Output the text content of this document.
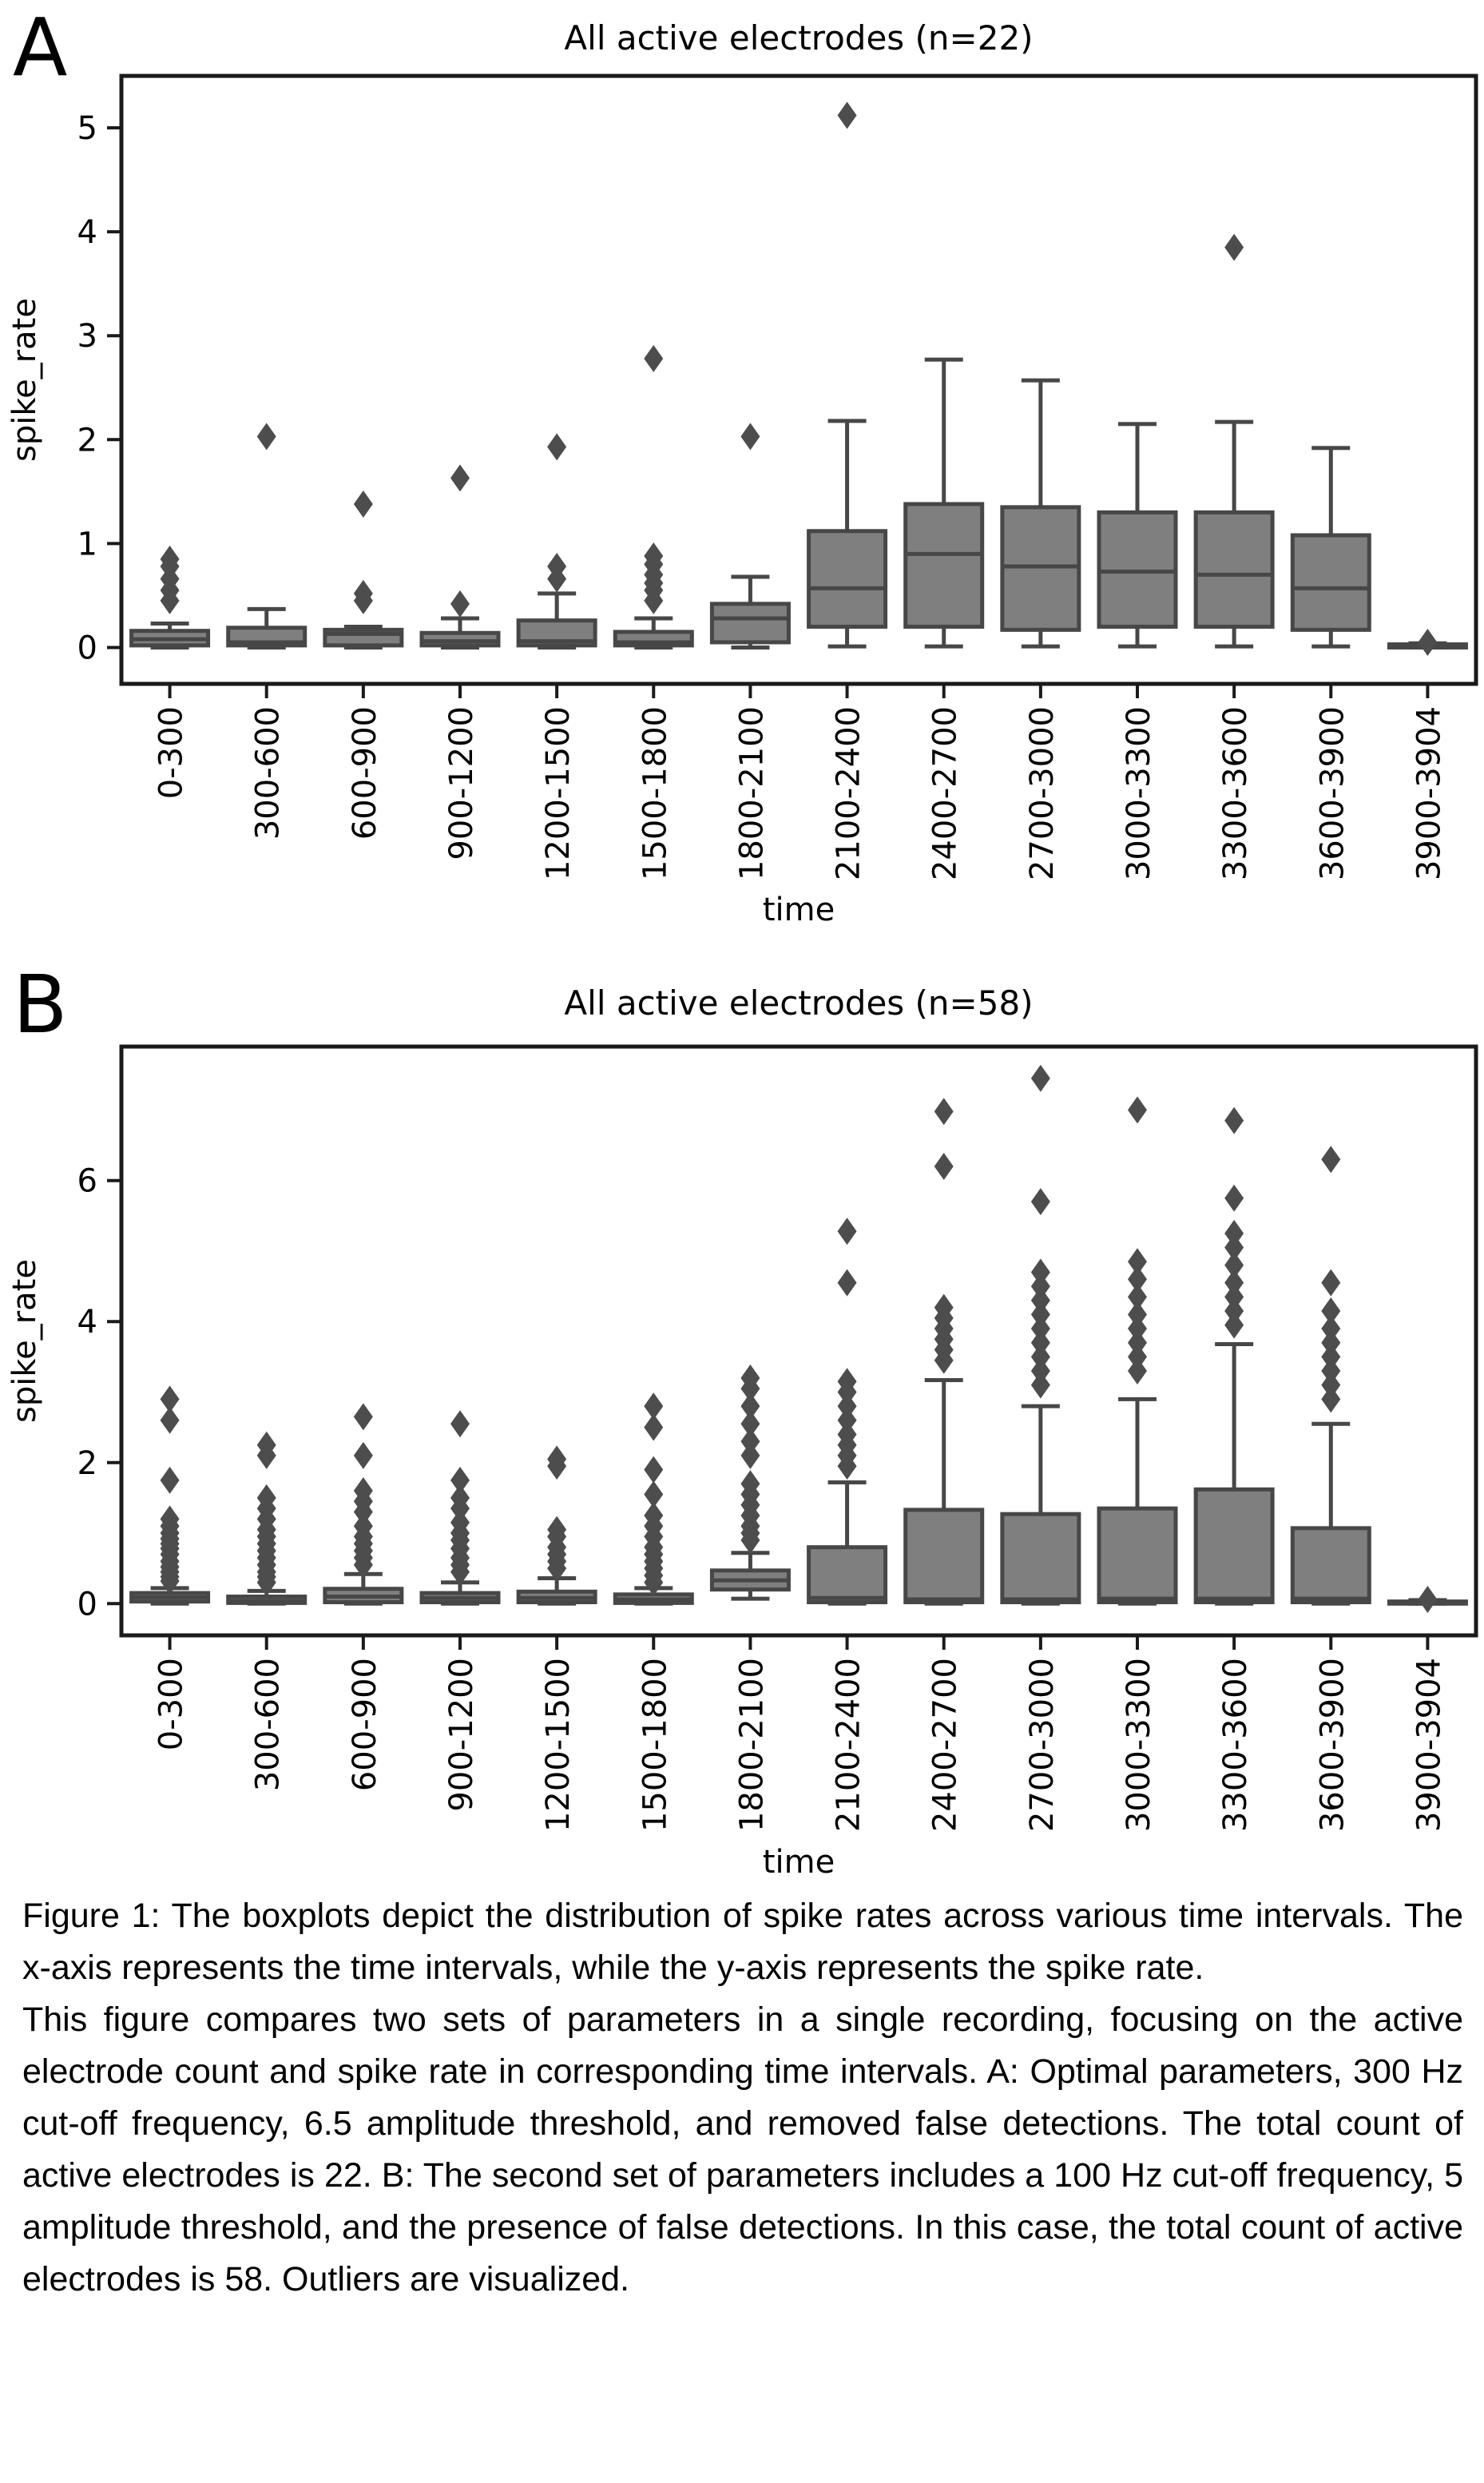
A	All active electrodes (n=22)
0
1
2
3
4
5
spike_rate
0-300 300-600 600-900 900-1200 1200-1500 1500-1800 1800-2100 2100-2400 2400-2700 2700-3000 3000-3300 3300-3600 3600-3900 3900-3904
time
B	All active electrodes (n=58)
0
2
4
6
spike_rate
0-300 300-600 600-900 900-1200 1200-1500 1500-1800 1800-2100 2100-2400 2400-2700 2700-3000 3000-3300 3300-3600 3600-3900 3900-3904
time

Figure 1: The boxplots depict the distribution of spike rates across various time intervals. The x-axis represents the time intervals, while the y-axis represents the spike rate.

This figure compares two sets of parameters in a single recording, focusing on the active electrode count and spike rate in corresponding time intervals. A: Optimal parameters, 300 Hz cut-off frequency, 6.5 amplitude threshold, and removed false detections. The total count of active electrodes is 22. B: The second set of parameters includes a 100 Hz cut-off frequency, 5 amplitude threshold, and the presence of false detections. In this case, the total count of active electrodes is 58. Outliers are visualized.
